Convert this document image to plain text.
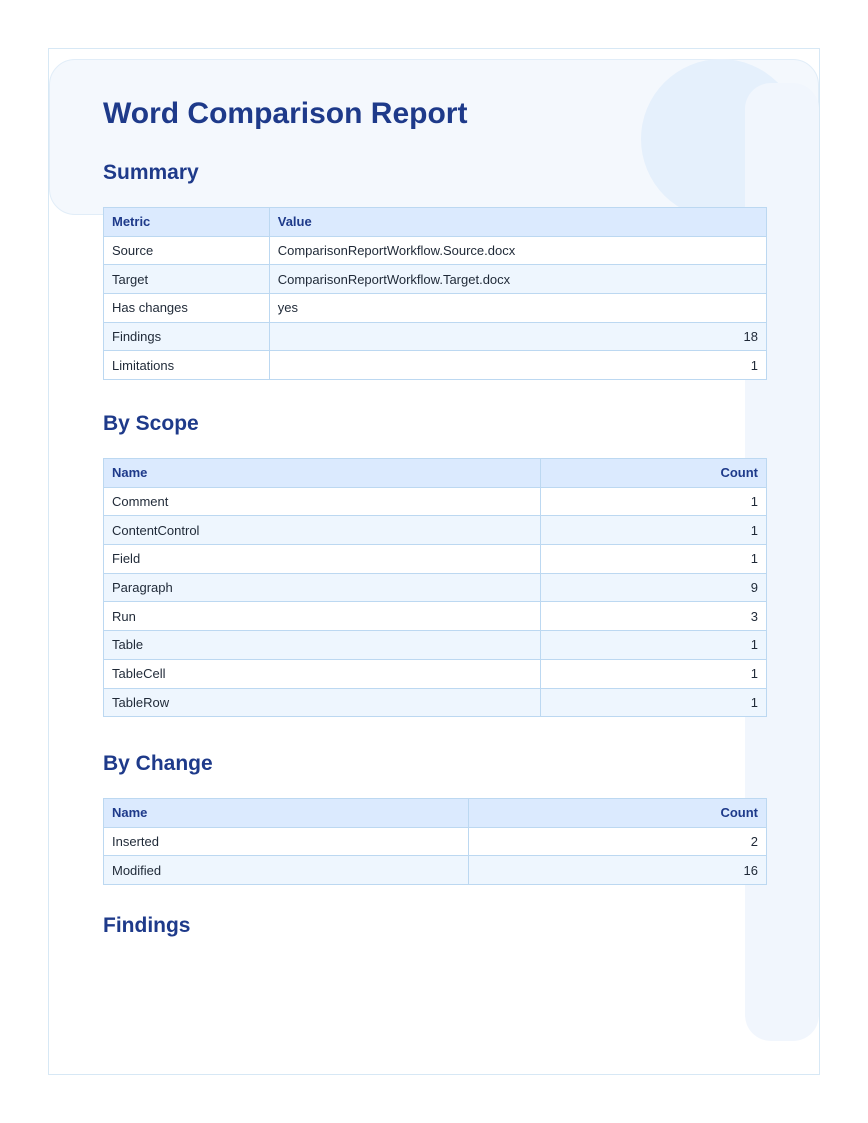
Word Comparison Report
Summary
Metric	Value
Source	ComparisonReportWorkflow.Source.docx
Target	ComparisonReportWorkflow.Target.docx
Has changes	yes
Findings	18
Limitations	1
By Scope
Name	Count
Comment	1
ContentControl	1
Field	1
Paragraph	9
Run	3
Table	1
TableCell	1
TableRow	1
By Change
Name	Count
Inserted	2
Modified	16
Findings
